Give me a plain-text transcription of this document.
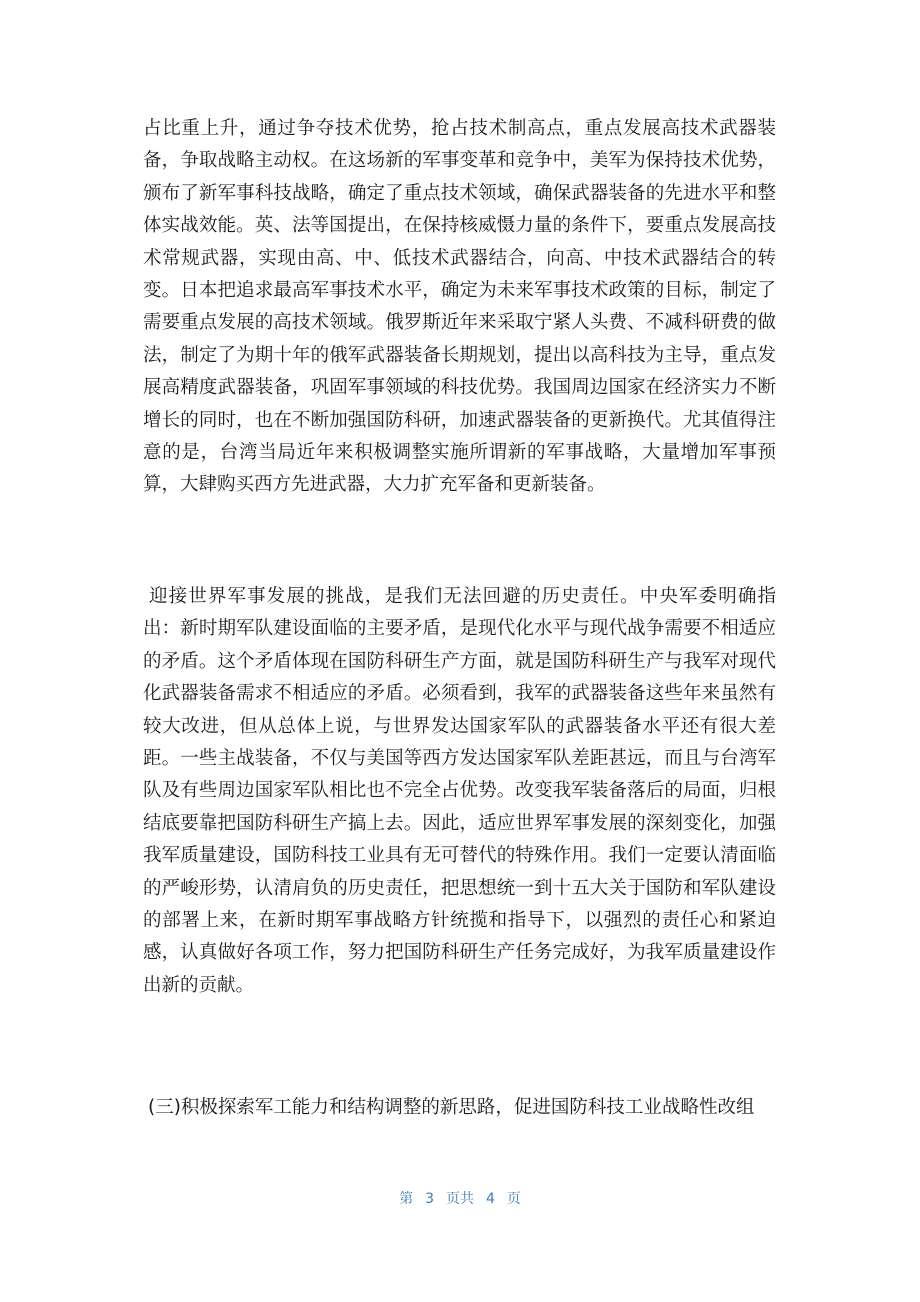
占比重上升，通过争夺技术优势，抢占技术制高点，重点发展高技术武器装备，争取战略主动权。在这场新的军事变革和竞争中，美军为保持技术优势，颁布了新军事科技战略，确定了重点技术领域，确保武器装备的先进水平和整体实战效能。英、法等国提出，在保持核威慑力量的条件下，要重点发展高技术常规武器，实现由高、中、低技术武器结合，向高、中技术武器结合的转变。日本把追求最高军事技术水平，确定为未来军事技术政策的目标，制定了需要重点发展的高技术领域。俄罗斯近年来采取宁紧人头费、不减科研费的做法，制定了为期十年的俄军武器装备长期规划，提出以高科技为主导，重点发展高精度武器装备，巩固军事领域的科技优势。我国周边国家在经济实力不断增长的同时，也在不断加强国防科研，加速武器装备的更新换代。尤其值得注意的是，台湾当局近年来积极调整实施所谓新的军事战略，大量增加军事预算，大肆购买西方先进武器，大力扩充军备和更新装备。

迎接世界军事发展的挑战，是我们无法回避的历史责任。中央军委明确指出：新时期军队建设面临的主要矛盾，是现代化水平与现代战争需要不相适应的矛盾。这个矛盾体现在国防科研生产方面，就是国防科研生产与我军对现代化武器装备需求不相适应的矛盾。必须看到，我军的武器装备这些年来虽然有较大改进，但从总体上说，与世界发达国家军队的武器装备水平还有很大差距。一些主战装备，不仅与美国等西方发达国家军队差距甚远，而且与台湾军队及有些周边国家军队相比也不完全占优势。改变我军装备落后的局面，归根结底要靠把国防科研生产搞上去。因此，适应世界军事发展的深刻变化，加强我军质量建设，国防科技工业具有无可替代的特殊作用。我们一定要认清面临的严峻形势，认清肩负的历史责任，把思想统一到十五大关于国防和军队建设的部署上来，在新时期军事战略方针统揽和指导下，以强烈的责任心和紧迫感，认真做好各项工作，努力把国防科研生产任务完成好，为我军质量建设作出新的贡献。

(三)积极探索军工能力和结构调整的新思路，促进国防科技工业战略性改组

第 3 页共 4 页
